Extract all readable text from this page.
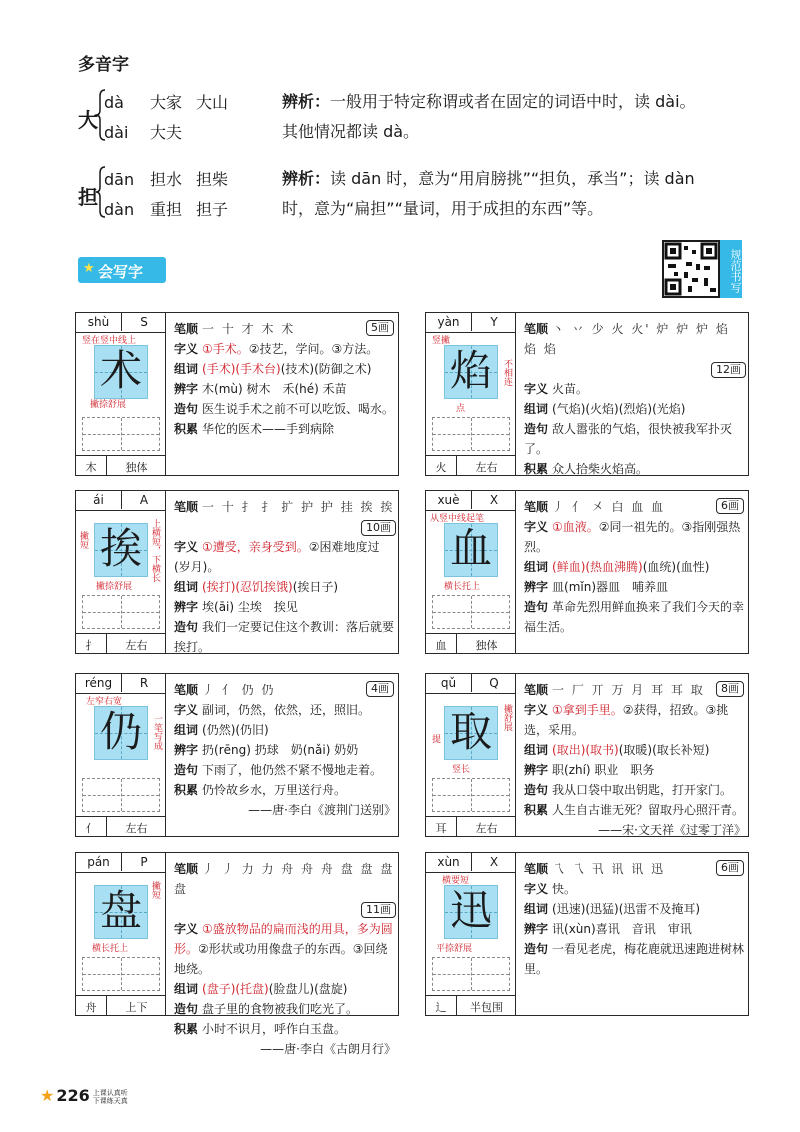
多音字
大
dà 大家 大山
dài 大夫
辨析：一般用于特定称谓或者在固定的词语中时，读 dài。
其他情况都读 dà。
担
dān 担水 担柴
dàn 重担 担子
辨析：读 dān 时，意为“用肩膀挑”“担负，承当”；读 dàn
时，意为“扁担”“量词，用于成担的东西”等。
★ 会写字	规范书写
shù	S
术
木	独体
竖在竖中线上
撇捺舒展
笔顺 一 十 才 木 术	5画
字义 ①手术。②技艺，学问。③方法。
组词 (手术)(手术台)(技术)(防御之术)
辨字 木(mù) 树木　禾(hé) 禾苗
造句 医生说手术之前不可以吃饭、喝水。
积累 华佗的医术——手到病除
yàn	Y
焰
火	左右
竖撇
点
不相连
笔顺 丶 丷 少 火 火' 炉 炉 炉 焰 焰 焰
12画
字义 火苗。
组词 (气焰)(火焰)(烈焰)(光焰)
造句 敌人嚣张的气焰，很快被我军扑灭了。
积累 众人拾柴火焰高。
ái	A
挨
扌	左右
撇短	上横短，下横长
撇捺舒展
笔顺 一 十 扌 扌 扩 护 护 挂 挨 挨
10画
字义 ①遭受，亲身受到。②困难地度过(岁月)。
组词 (挨打)(忍饥挨饿)(挨日子)
辨字 埃(āi) 尘埃　挨见
造句 我们一定要记住这个教训：落后就要挨打。
xuè	X
血
血	独体
从竖中线起笔
横长托上
笔顺 丿 亻 㐅 白 血 血	6画
字义 ①血液。②同一祖先的。③指刚强热烈。
组词 (鲜血)(热血沸腾)(血统)(血性)
辨字 皿(mǐn)器皿　哺养皿
造句 革命先烈用鲜血换来了我们今天的幸福生活。
réng	R
仍
亻	左右
左窄右宽
一笔写成
笔顺 丿 亻 仍 仍	4画
字义 副词，仍然，依然，还，照旧。
组词 (仍然)(仍旧)
辨字 扔(rēng) 扔球　奶(nǎi) 奶奶
造句 下雨了，他仍然不紧不慢地走着。
积累 仍怜故乡水，万里送行舟。
——唐·李白《渡荆门送别》
qǔ	Q
取
耳	左右
提
竖长
撇舒展
笔顺 一 厂 丌 万 月 耳 耳 取	8画
字义 ①拿到手里。②获得，招致。③挑选，采用。
组词 (取出)(取书)(取暖)(取长补短)
辨字 职(zhí) 职业　职务
造句 我从口袋中取出钥匙，打开家门。
积累 人生自古谁无死？留取丹心照汗青。
——宋·文天祥《过零丁洋》
pán	P
盘
舟	上下
撇短
横长托上
笔顺 丿 丿 力 力 舟 舟 舟 盘 盘 盘 盘
11画
字义 ①盛放物品的扁而浅的用具，多为圆形。②形状或功用像盘子的东西。③回绕地绕。
组词 (盘子)(托盘)(脸盘儿)(盘旋)
造句 盘子里的食物被我们吃光了。
积累 小时不识月，呼作白玉盘。
——唐·李白《古朗月行》
xùn	X
迅
辶	半包围
横要短
平捺舒展
笔顺 乁 乁 卂 讯 讯 迅	6画
字义 快。
组词 (迅速)(迅猛)(迅雷不及掩耳)
辨字 讯(xùn)喜讯　音讯　审讯
造句 一看见老虎，梅花鹿就迅速跑进树林里。
★ 226 上课认真听
下课练天真
